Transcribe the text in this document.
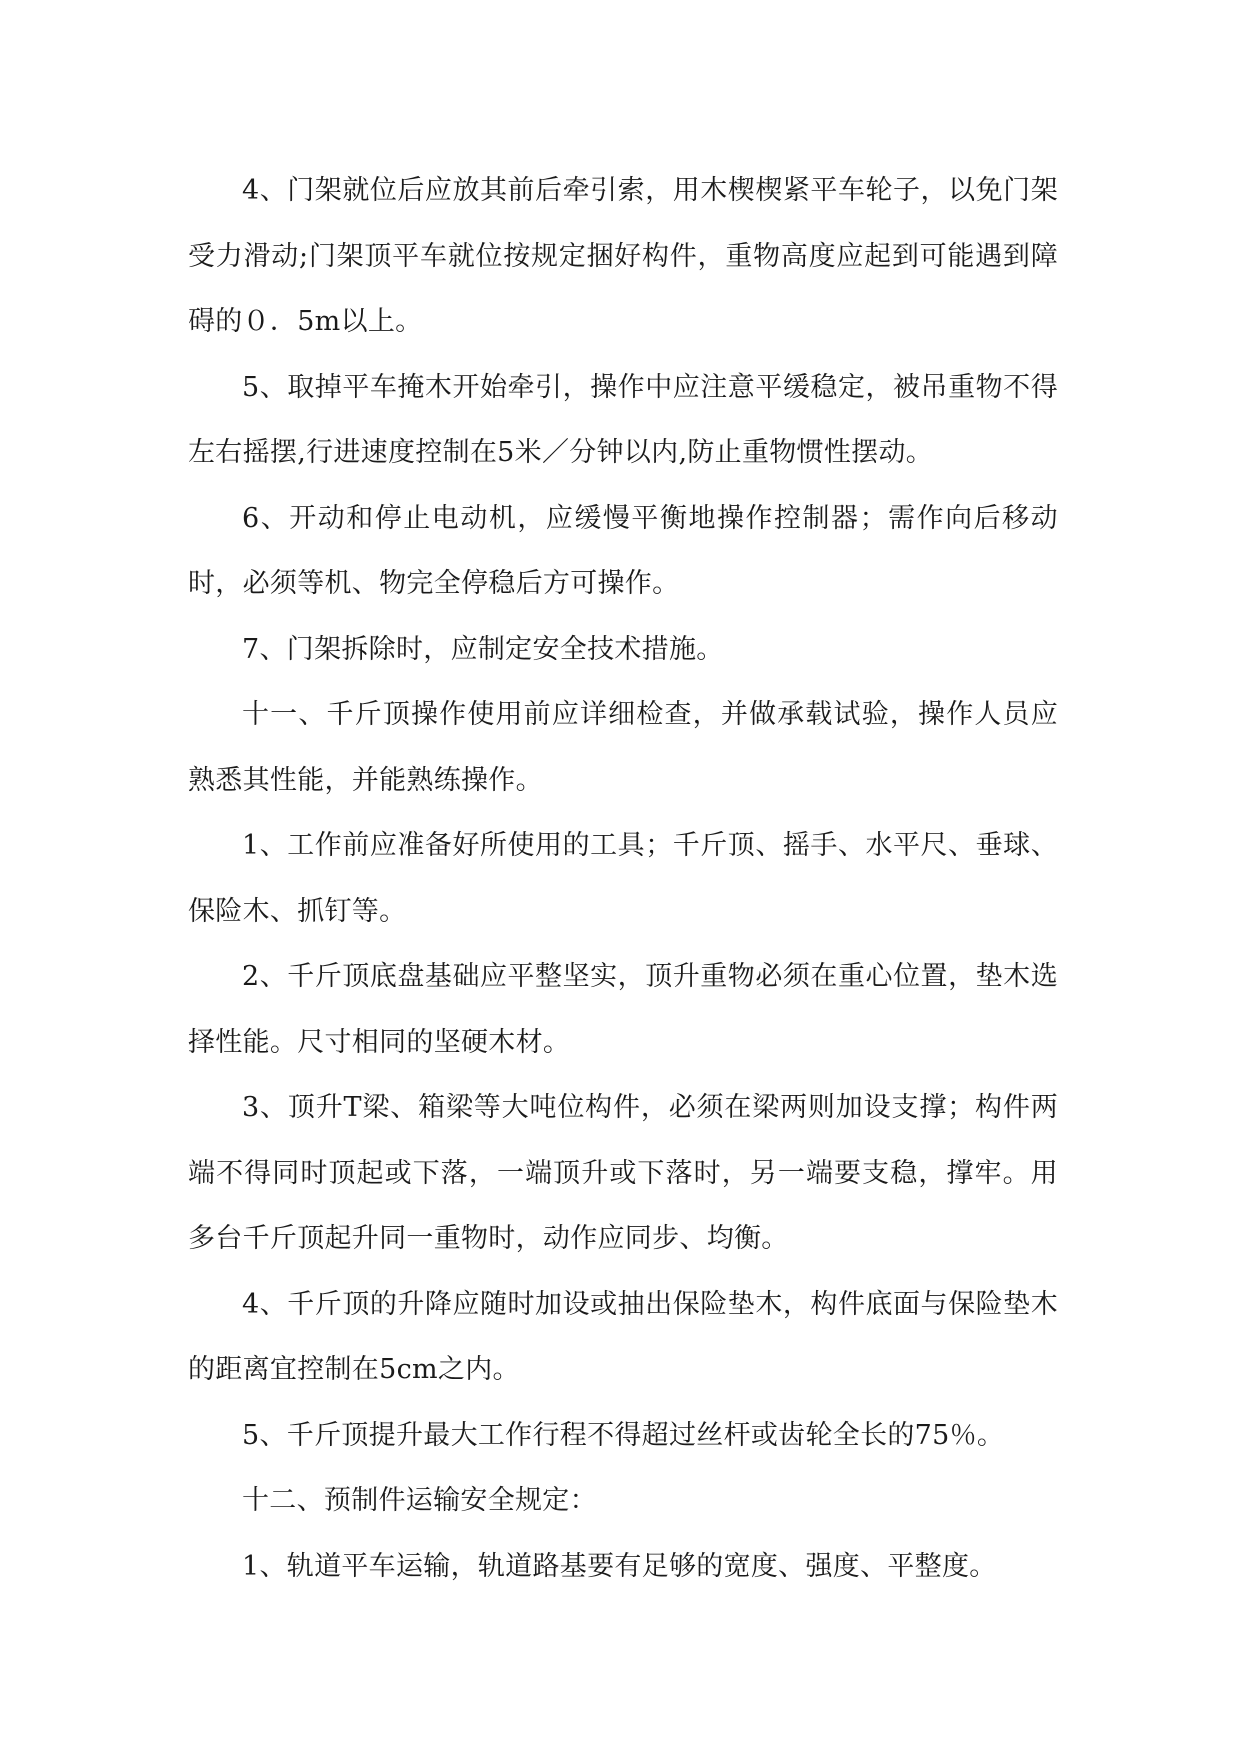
4、门架就位后应放其前后牵引索，用木楔楔紧平车轮子，以免门架受力滑动;门架顶平车就位按规定捆好构件，重物高度应起到可能遇到障碍的０．5m以上。

5、取掉平车掩木开始牵引，操作中应注意平缓稳定，被吊重物不得左右摇摆,行进速度控制在5米／分钟以内,防止重物惯性摆动。

6、开动和停止电动机，应缓慢平衡地操作控制器；需作向后移动时，必须等机、物完全停稳后方可操作。

7、门架拆除时，应制定安全技术措施。

十一、千斤顶操作使用前应详细检查，并做承载试验，操作人员应熟悉其性能，并能熟练操作。

1、工作前应准备好所使用的工具；千斤顶、摇手、水平尺、垂球、保险木、抓钉等。

2、千斤顶底盘基础应平整坚实，顶升重物必须在重心位置，垫木选择性能。尺寸相同的坚硬木材。

3、顶升T梁、箱梁等大吨位构件，必须在梁两则加设支撑；构件两端不得同时顶起或下落，一端顶升或下落时，另一端要支稳，撑牢。用多台千斤顶起升同一重物时，动作应同步、均衡。

4、千斤顶的升降应随时加设或抽出保险垫木，构件底面与保险垫木的距离宜控制在5cm之内。

5、千斤顶提升最大工作行程不得超过丝杆或齿轮全长的75％。

十二、预制件运输安全规定：

1、轨道平车运输，轨道路基要有足够的宽度、强度、平整度。
